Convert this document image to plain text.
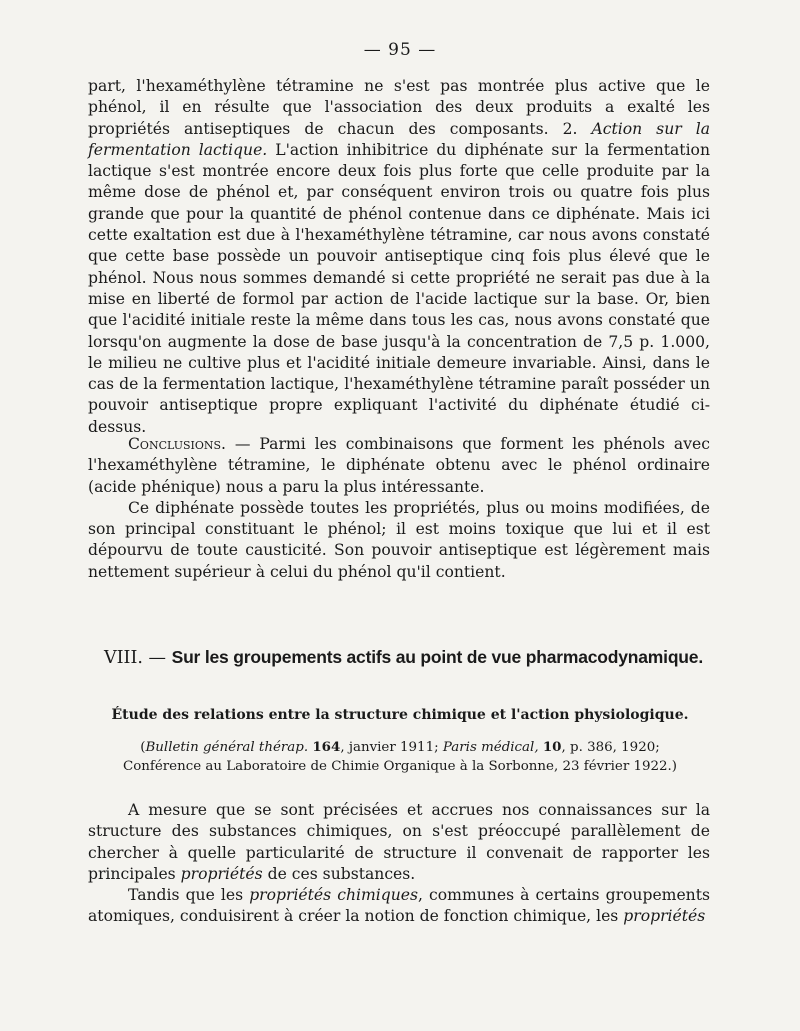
— 95 —

part, l'hexaméthylène tétramine ne s'est pas montrée plus active que le phénol, il en résulte que l'association des deux produits a exalté les propriétés antiseptiques de chacun des composants. 2. Action sur la fermentation lactique. L'action inhibitrice du diphénate sur la fermentation lactique s'est montrée encore deux fois plus forte que celle produite par la même dose de phénol et, par conséquent environ trois ou quatre fois plus grande que pour la quantité de phénol contenue dans ce diphénate. Mais ici cette exaltation est due à l'hexaméthylène tétramine, car nous avons constaté que cette base possède un pouvoir antiseptique cinq fois plus élevé que le phénol. Nous nous sommes demandé si cette propriété ne serait pas due à la mise en liberté de formol par action de l'acide lactique sur la base. Or, bien que l'acidité initiale reste la même dans tous les cas, nous avons constaté que lorsqu'on augmente la dose de base jusqu'à la concentration de 7,5 p. 1.000, le milieu ne cultive plus et l'acidité initiale demeure invariable. Ainsi, dans le cas de la fermentation lactique, l'hexaméthylène tétramine paraît posséder un pouvoir antiseptique propre expliquant l'activité du diphénate étudié ci-dessus.

Conclusions. — Parmi les combinaisons que forment les phénols avec l'hexaméthylène tétramine, le diphénate obtenu avec le phénol ordinaire (acide phénique) nous a paru la plus intéressante.

Ce diphénate possède toutes les propriétés, plus ou moins modifiées, de son principal constituant le phénol; il est moins toxique que lui et il est dépourvu de toute causticité. Son pouvoir antiseptique est légèrement mais nettement supérieur à celui du phénol qu'il contient.

VIII. — Sur les groupements actifs au point de vue pharmacodynamique.
Étude des relations entre la structure chimique et l'action physiologique.
(Bulletin général thérap. 164, janvier 1911; Paris médical, 10, p. 386, 1920; Conférence au Laboratoire de Chimie Organique à la Sorbonne, 23 février 1922.)

A mesure que se sont précisées et accrues nos connaissances sur la structure des substances chimiques, on s'est préoccupé parallèlement de chercher à quelle particularité de structure il convenait de rapporter les principales propriétés de ces substances.

Tandis que les propriétés chimiques, communes à certains groupements atomiques, conduisirent à créer la notion de fonction chimique, les propriétés
